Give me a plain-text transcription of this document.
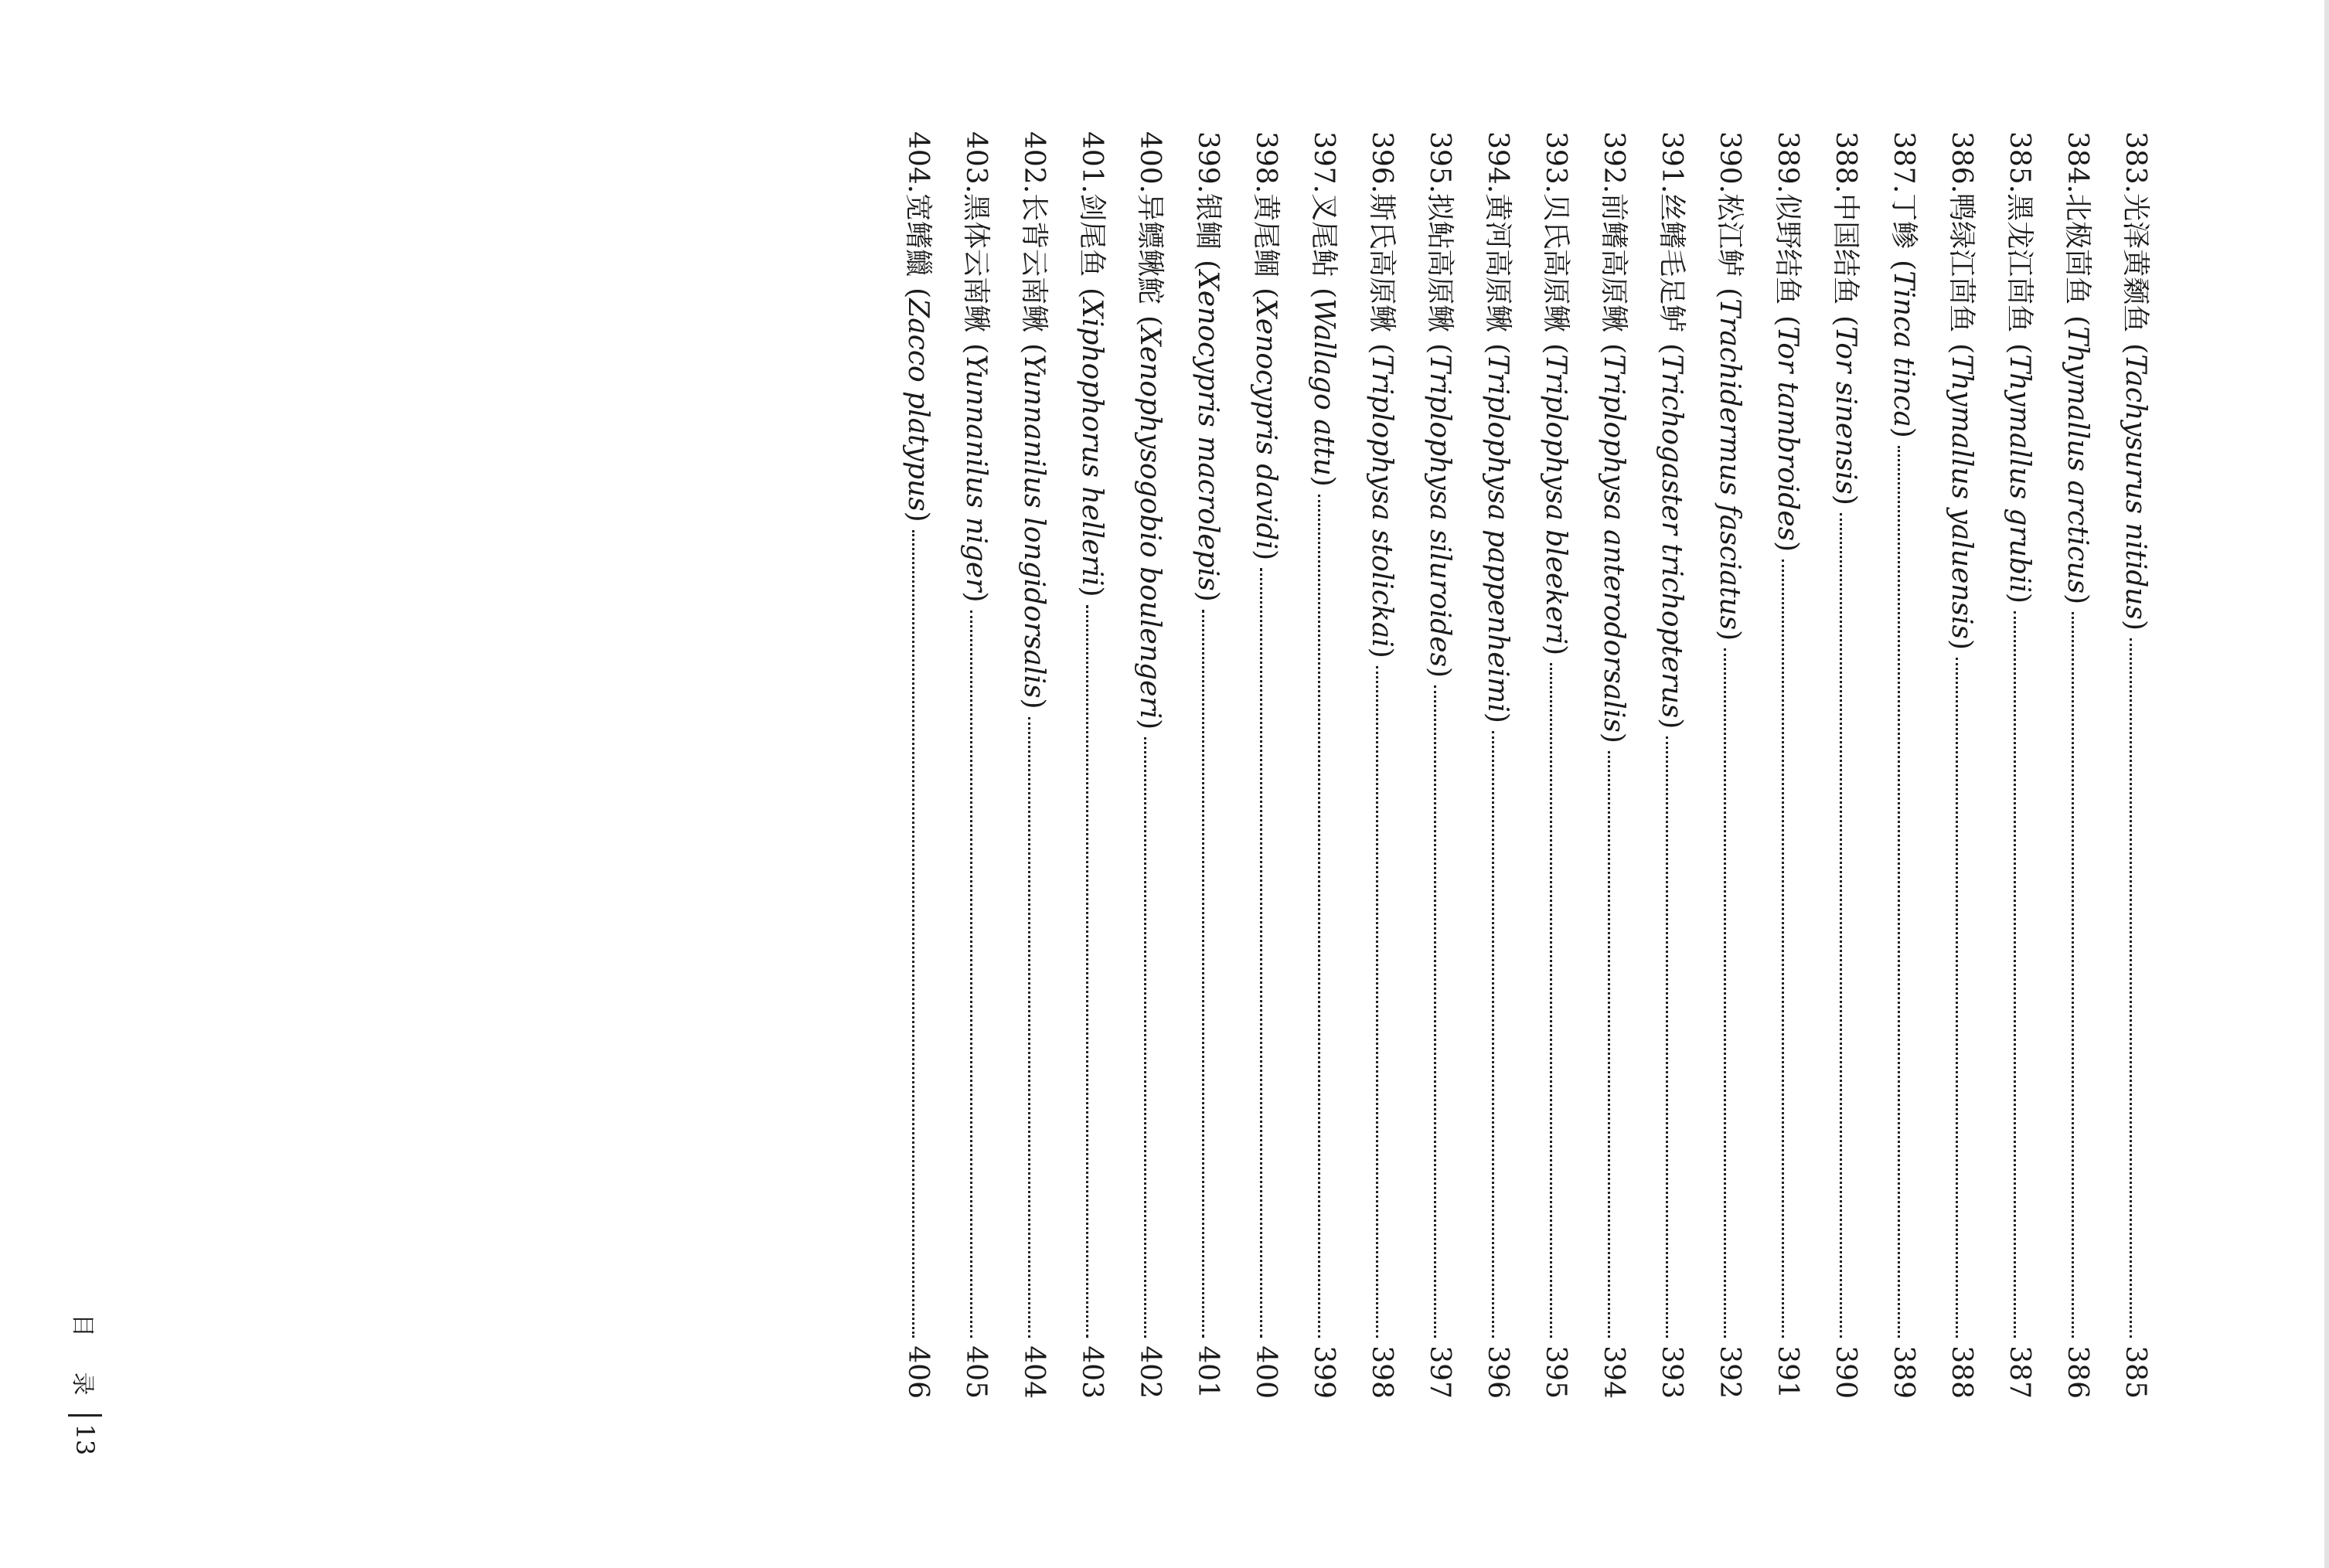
383.
光泽黄颡鱼
(
Tachysurus nitidus
)
385
384.
北极茴鱼
(
Thymallus arcticus
)
386
385.
黑龙江茴鱼
(
Thymallus grubii
)
387
386.
鸭绿江茴鱼
(
Thymallus yaluensis
)
388
387.
丁鲹
(
Tinca tinca
)
389
388.
中国结鱼
(
Tor sinensis
)
390
389.
似野结鱼
(
Tor tambroides
)
391
390.
松江鲈
(
Trachidermus fasciatus
)
392
391.
丝鳍毛足鲈
(
Trichogaster trichopterus
)
393
392.
前鳍高原鳅
(
Triplophysa anterodorsalis
)
394
393.
贝氏高原鳅
(
Triplophysa bleekeri
)
395
394.
黄河高原鳅
(
Triplophysa pappenheimi
)
396
395.
拟鲇高原鳅
(
Triplophysa siluroides
)
397
396.
斯氏高原鳅
(
Triplophysa stolickai
)
398
397.
叉尾鲇
(
Wallago attu
)
399
398.
黄尾鲴
(
Xenocypris davidi
)
400
399.
银鲴
(
Xenocypris macrolepis
)
401
400.
异鳔鳅鮀
(
Xenophysogobio boulengeri
)
402
401.
剑尾鱼
(
Xiphophorus hellerii
)
403
402.
长背云南鳅
(
Yunnanilus longidorsalis
)
404
403.
黑体云南鳅
(
Yunnanilus niger
)
405
404.
宽鳍鱲
(
Zacco platypus
)
406
目 录
13
